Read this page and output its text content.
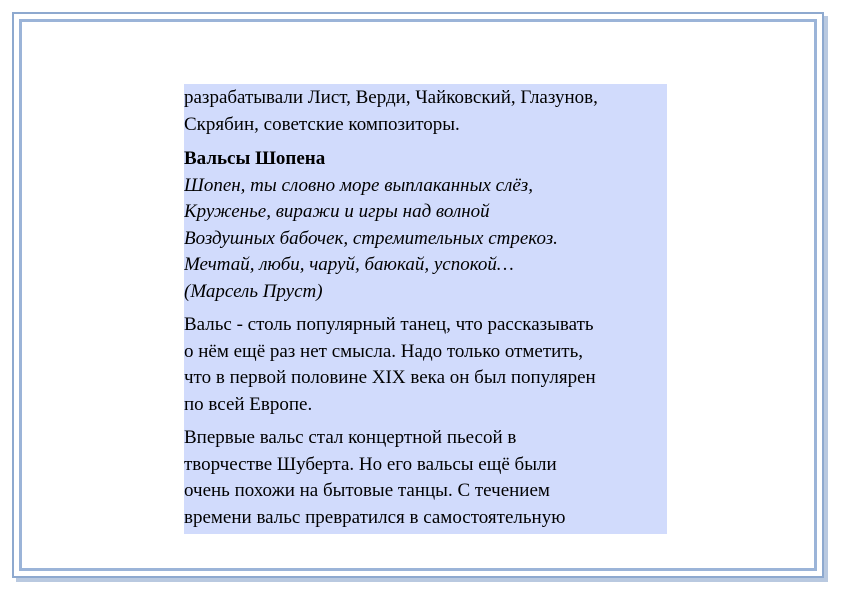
разрабатывали Лист, Верди, Чайковский, Глазунов,
Скрябин, советские композиторы.

Вальсы Шопена

Шопен, ты словно море выплаканных слёз,
Круженье, виражи и игры над волной
Воздушных бабочек, стремительных стрекоз.
Мечтай, люби, чаруй, баюкай, успокой…
(Марсель Пруст)

Вальс - столь популярный танец, что рассказывать
о нём ещё раз нет смысла. Надо только отметить,
что в первой половине XIX века он был популярен
по всей Европе.

Впервые вальс стал концертной пьесой в
творчестве Шуберта. Но его вальсы ещё были
очень похожи на бытовые танцы. С течением
времени вальс превратился в самостоятельную
